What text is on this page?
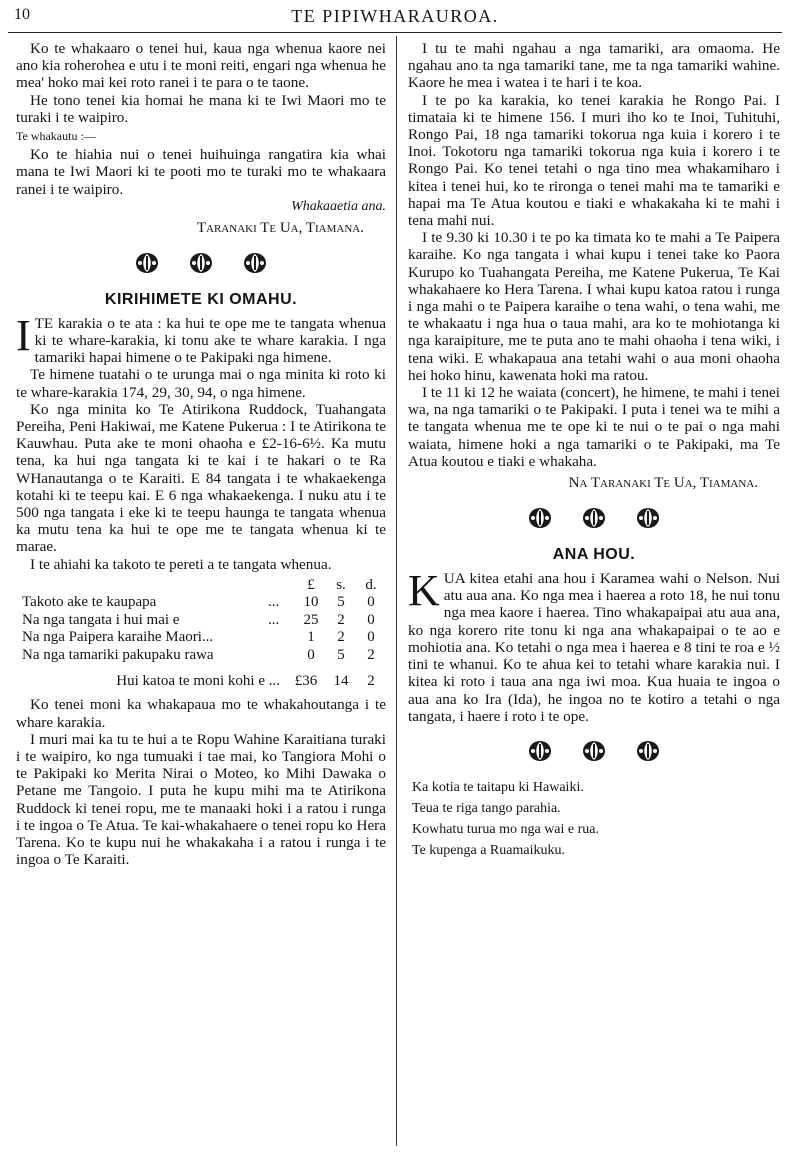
10	TE PIPIWHARAUROA.

Ko te whakaaro o tenei hui, kaua nga whenua kaore nei ano kia roherohea e utu i te moni reiti, engari nga whenua he mea' hoko mai kei roto ranei i te para o te taone.

He tono tenei kia homai he mana ki te Iwi Maori mo te turaki i te waipiro.

Te whakautu :—

Ko te hiahia nui o tenei huihuinga rangatira kia whai mana te Iwi Maori ki te pooti mo te turaki mo te whakaara ranei i te waipiro.

Whakaaetia ana.

Taranaki Te Ua, Tiamana.

KIRIHIMETE KI OMAHU.
I TE karakia o te ata : ka hui te ope me te tangata whenua ki te whare-karakia, ki tonu ake te whare karakia. I nga tamariki hapai himene o te Pakipaki nga himene.

Te himene tuatahi o te urunga mai o nga minita ki roto ki te whare-karakia 174, 29, 30, 94, o nga himene.

Ko nga minita ko Te Atirikona Ruddock, Tuahangata Pereiha, Peni Hakiwai, me Katene Pukerua : I te Atirikona te Kauwhau. Puta ake te moni ohaoha e £2-16-6½. Ka mutu tena, ka hui nga tangata ki te kai i te hakari o te Ra WHanautanga o te Karaiti. E 84 tangata i te whakaekenga kotahi ki te teepu kai. E 6 nga whakaekenga. I nuku atu i te 500 nga tangata i eke ki te teepu haunga te tangata whenua ka mutu tena ka hui te ope me te tangata whenua ki te marae.

I te ahiahi ka takoto te pereti a te tangata whenua.

		£	s.	d.
Takoto ake te kaupapa	...	10	5	0
Na nga tangata i hui mai e	...	25	2	0
Na nga Paipera karaihe Maori...		1	2	0
Na nga tamariki pakupaku rawa		0	5	2
Hui katoa te moni kohi e ...	£36	14	2

Ko tenei moni ka whakapaua mo te whakahoutanga i te whare karakia.

I muri mai ka tu te hui a te Ropu Wahine Karaitiana turaki i te waipiro, ko nga tumuaki i tae mai, ko Tangiora Mohi o te Pakipaki ko Merita Nirai o Moteo, ko Mihi Dawaka o Petane me Tangoio. I puta he kupu mihi ma te Atirikona Ruddock ki tenei ropu, me te manaaki hoki i a ratou i runga i te ingoa o Te Atua. Te kai-whakahaere o tenei ropu ko Hera Tarena. Ko te kupu nui he whakakaha i a ratou i runga i te ingoa o Te Karaiti.

I tu te mahi ngahau a nga tamariki, ara omaoma. He ngahau ano ta nga tamariki tane, me ta nga tamariki wahine. Kaore he mea i watea i te hari i te koa.

I te po ka karakia, ko tenei karakia he Rongo Pai. I timataia ki te himene 156. I muri iho ko te Inoi, Tuhituhi, Rongo Pai, 18 nga tamariki tokorua nga kuia i korero i te Inoi. Tokotoru nga tamariki tokorua nga kuia i korero i te Rongo Pai. Ko tenei tetahi o nga tino mea whakamiharo i kitea i tenei hui, ko te rironga o tenei mahi ma te tamariki e hapai ma Te Atua koutou e tiaki e whakakaha ki te mahi i tena mahi nui.

I te 9.30 ki 10.30 i te po ka timata ko te mahi a Te Paipera karaihe. Ko nga tangata i whai kupu i tenei take ko Paora Kurupo ko Tuahangata Pereiha, me Katene Pukerua, Te Kai whakahaere ko Hera Tarena. I whai kupu katoa ratou i runga i nga mahi o te Paipera karaihe o tena wahi, o tena wahi, me te whakaatu i nga hua o taua mahi, ara ko te mohiotanga ki nga karaipiture, me te puta ano te mahi ohaoha i tena wiki, i tena wiki. E whakapaua ana tetahi wahi o aua moni ohaoha hei hoko hinu, kawenata hoki ma ratou.

I te 11 ki 12 he waiata (concert), he himene, te mahi i tenei wa, na nga tamariki o te Pakipaki. I puta i tenei wa te mihi a te tangata whenua me te ope ki te nui o te pai o nga mahi waiata, himene hoki a nga tamariki o te Pakipaki, ma Te Atua koutou e tiaki e whakaha.

Na Taranaki Te Ua, Tiamana.

ANA HOU.
K UA kitea etahi ana hou i Karamea wahi o Nelson. Nui atu aua ana. Ko nga mea i haerea a roto 18, he nui tonu nga mea kaore i haerea. Tino whakapaipai atu aua ana, ko nga korero rite tonu ki nga ana whakapaipai o te ao e mohiotia ana. Ko tetahi o nga mea i haerea e 8 tini te roa e ½ tini te whanui. Ko te ahua kei to tetahi whare karakia nui. I kitea ki roto i taua ana nga iwi moa. Kua huaia te ingoa o aua ana ko Ira (Ida), he ingoa no te kotiro a tetahi o nga tangata, i haere i roto i te ope.

Ka kotia te taitapu ki Hawaiki.

Teua te riga tango parahia.

Kowhatu turua mo nga wai e rua.

Te kupenga a Ruamaikuku.
